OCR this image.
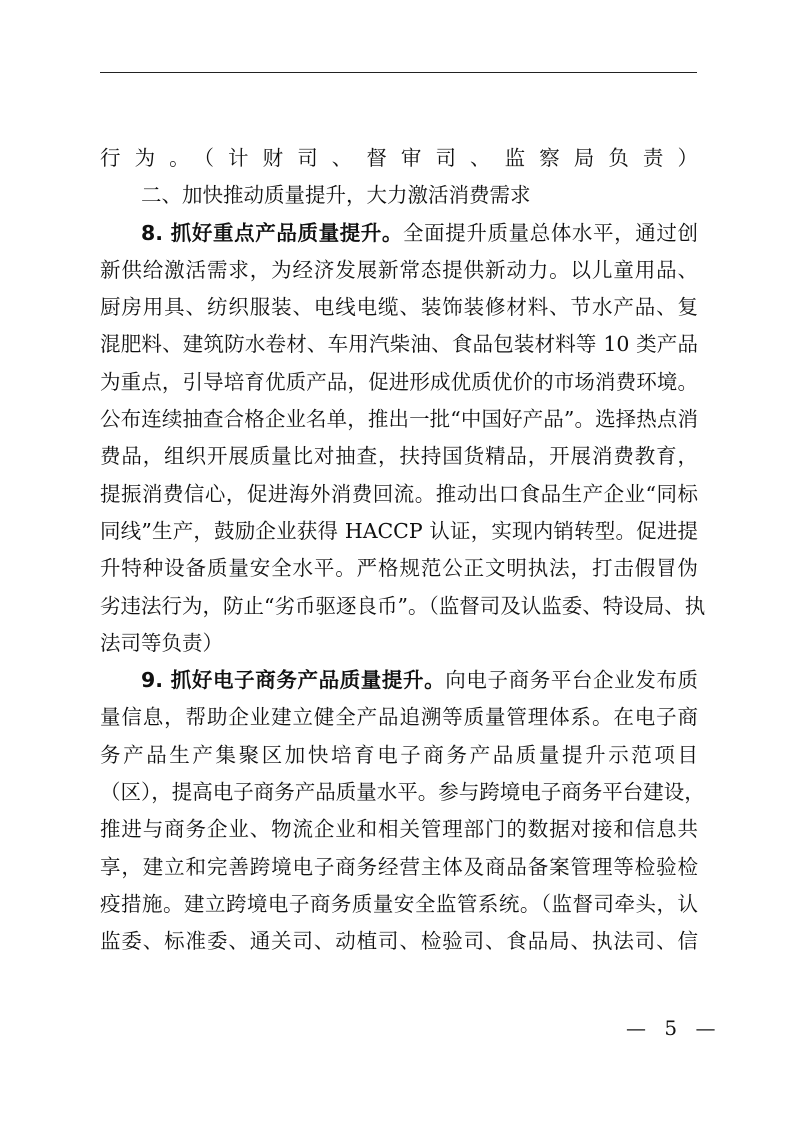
行为。（计财司、督审司、监察局负责）
二、加快推动质量提升，大力激活消费需求
8. 抓好重点产品质量提升。全面提升质量总体水平，通过创
新供给激活需求，为经济发展新常态提供新动力。以儿童用品、
厨房用具、纺织服装、电线电缆、装饰装修材料、节水产品、复
混肥料、建筑防水卷材、车用汽柴油、食品包装材料等 10 类产品
为重点，引导培育优质产品，促进形成优质优价的市场消费环境。
公布连续抽查合格企业名单，推出一批“中国好产品”。选择热点消
费品，组织开展质量比对抽查，扶持国货精品，开展消费教育，
提振消费信心，促进海外消费回流。推动出口食品生产企业“同标
同线”生产，鼓励企业获得 HACCP 认证，实现内销转型。促进提
升特种设备质量安全水平。严格规范公正文明执法，打击假冒伪
劣违法行为，防止“劣币驱逐良币”。（监督司及认监委、特设局、执
法司等负责）
9. 抓好电子商务产品质量提升。向电子商务平台企业发布质
量信息，帮助企业建立健全产品追溯等质量管理体系。在电子商
务产品生产集聚区加快培育电子商务产品质量提升示范项目
（区），提高电子商务产品质量水平。参与跨境电子商务平台建设，
推进与商务企业、物流企业和相关管理部门的数据对接和信息共
享，建立和完善跨境电子商务经营主体及商品备案管理等检验检
疫措施。建立跨境电子商务质量安全监管系统。（监督司牵头，认
监委、标准委、通关司、动植司、检验司、食品局、执法司、信
— 5 —
